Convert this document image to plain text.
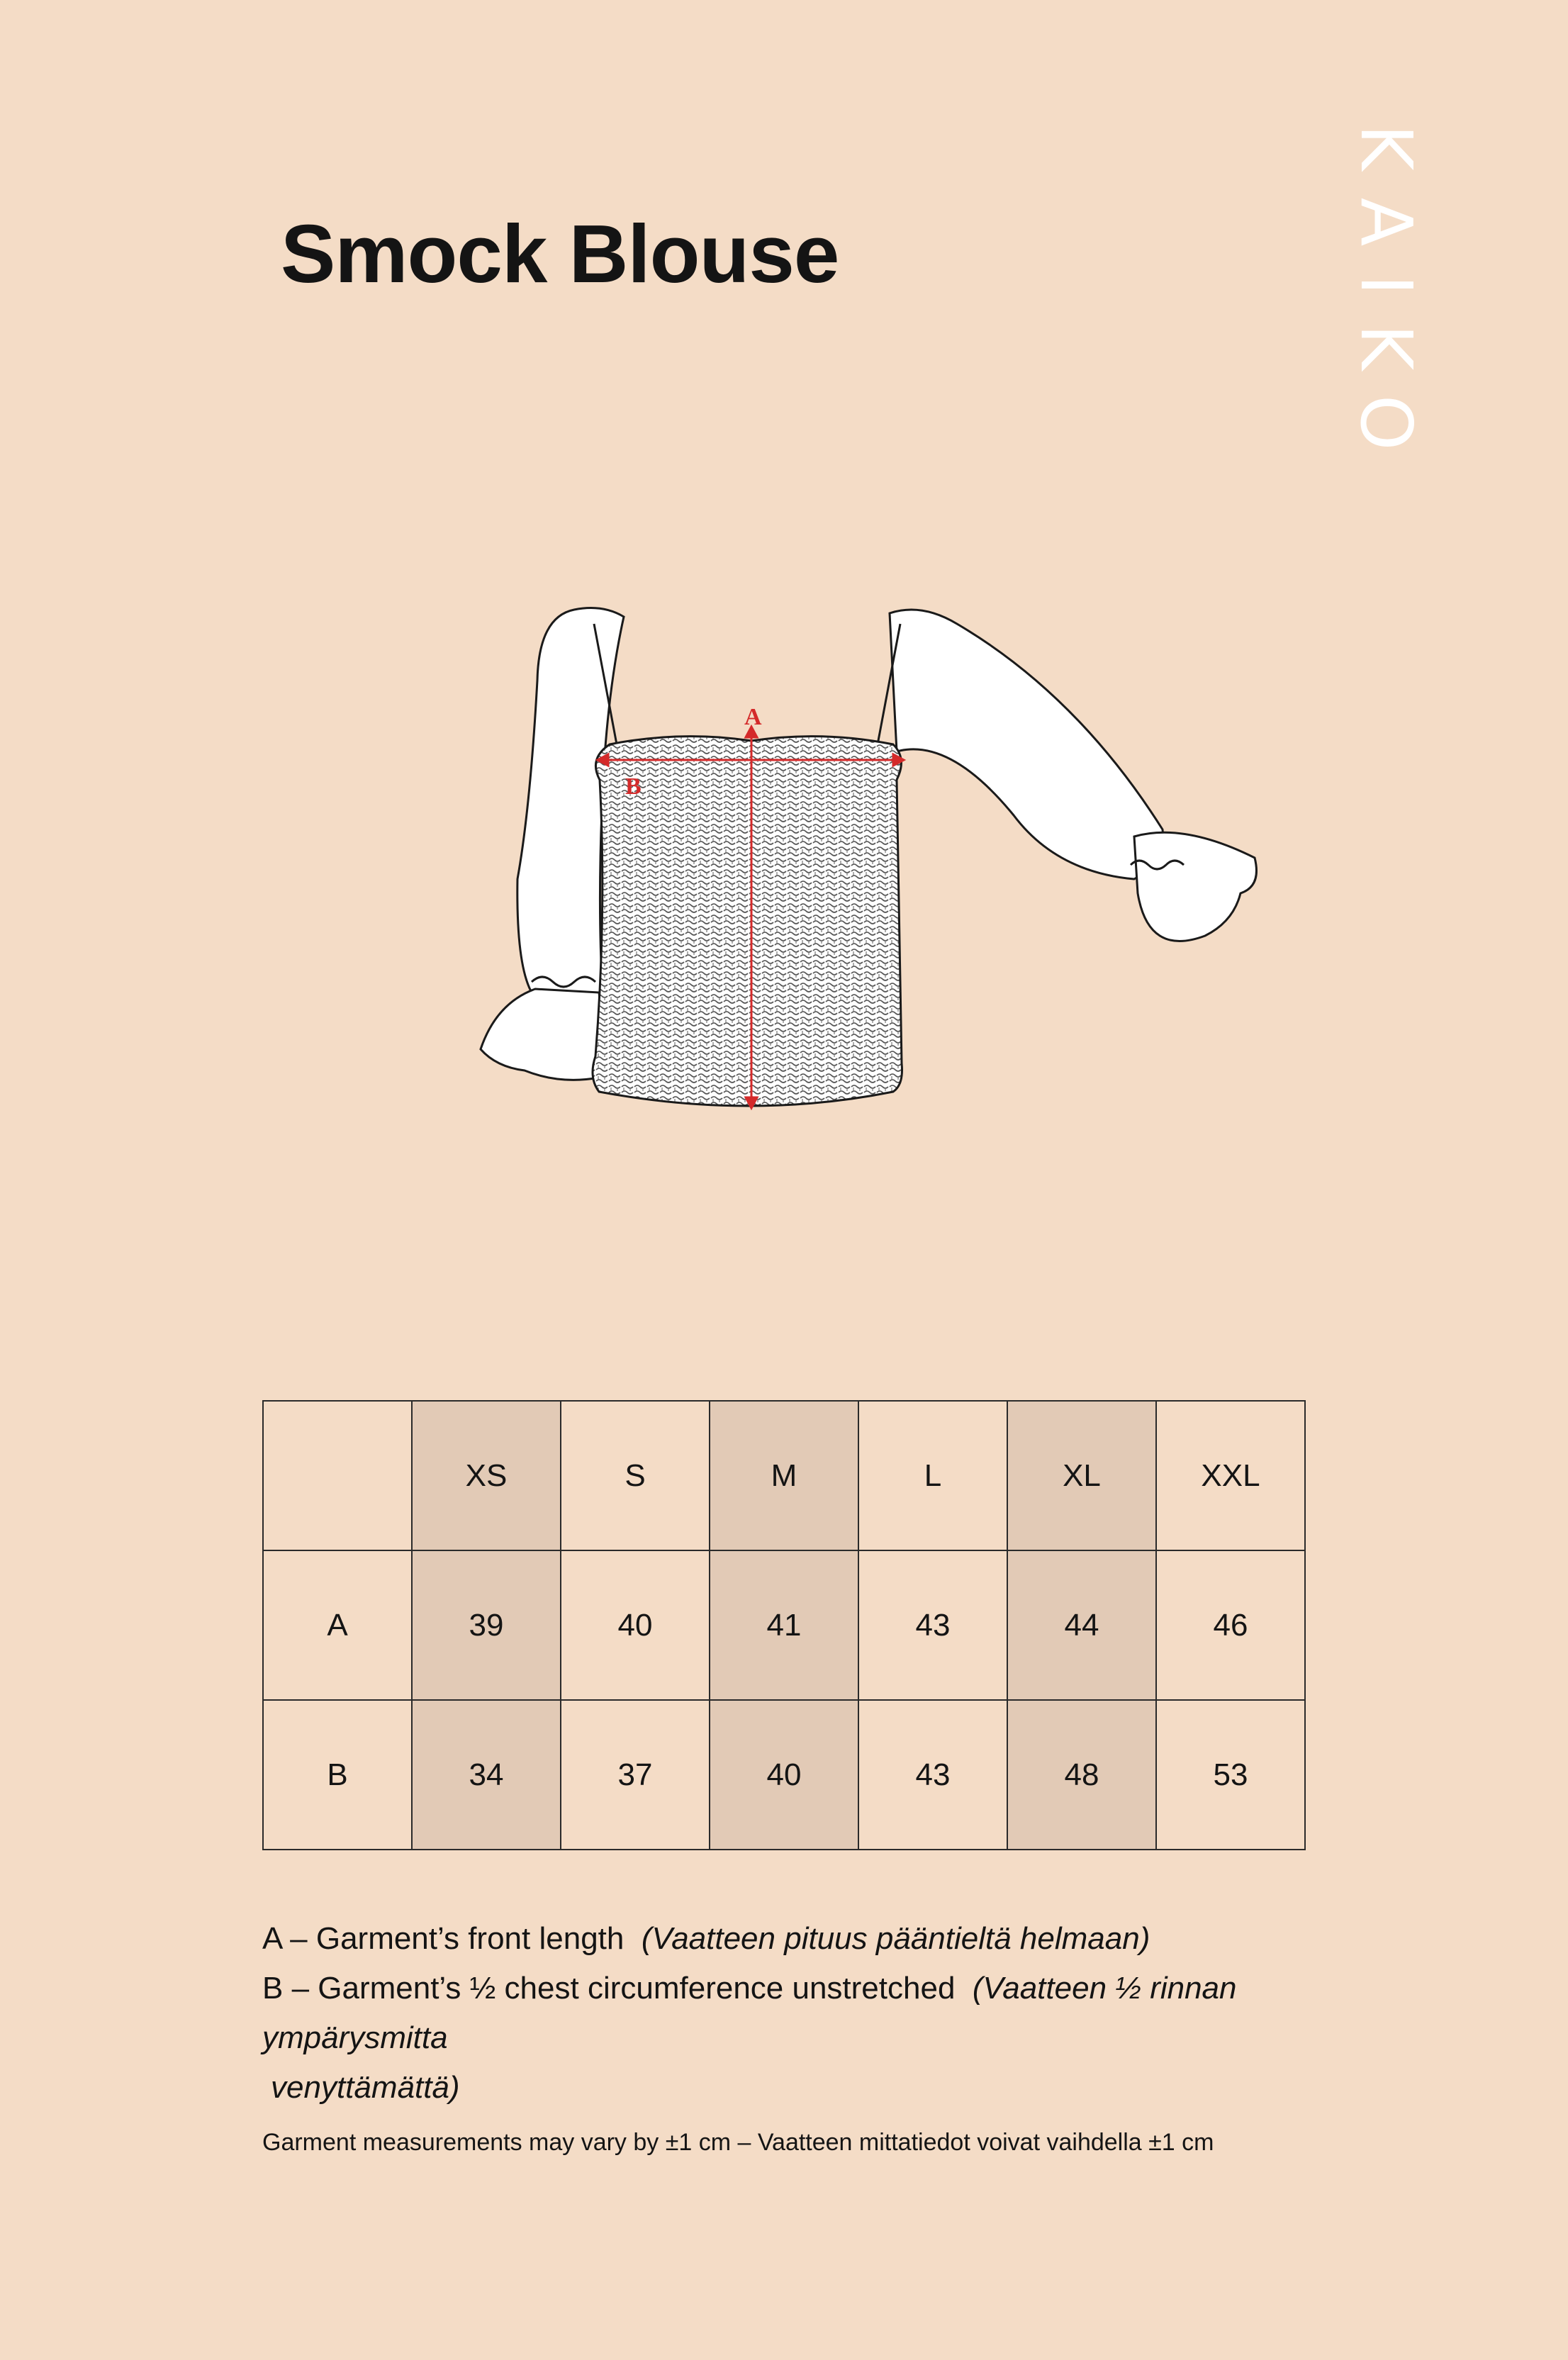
Smock Blouse	KAIKO
A
B
	XS	S	M	L	XL	XXL
A	39	40	41	43	44	46
B	34	37	40	43	48	53

A – Garment’s front length (Vaatteen pituus pääntieltä helmaan)

B – Garment’s ½ chest circumference unstretched (Vaatteen ½ rinnan ympärysmitta

venyttämättä)

Garment measurements may vary by ±1 cm – Vaatteen mittatiedot voivat vaihdella ±1 cm
